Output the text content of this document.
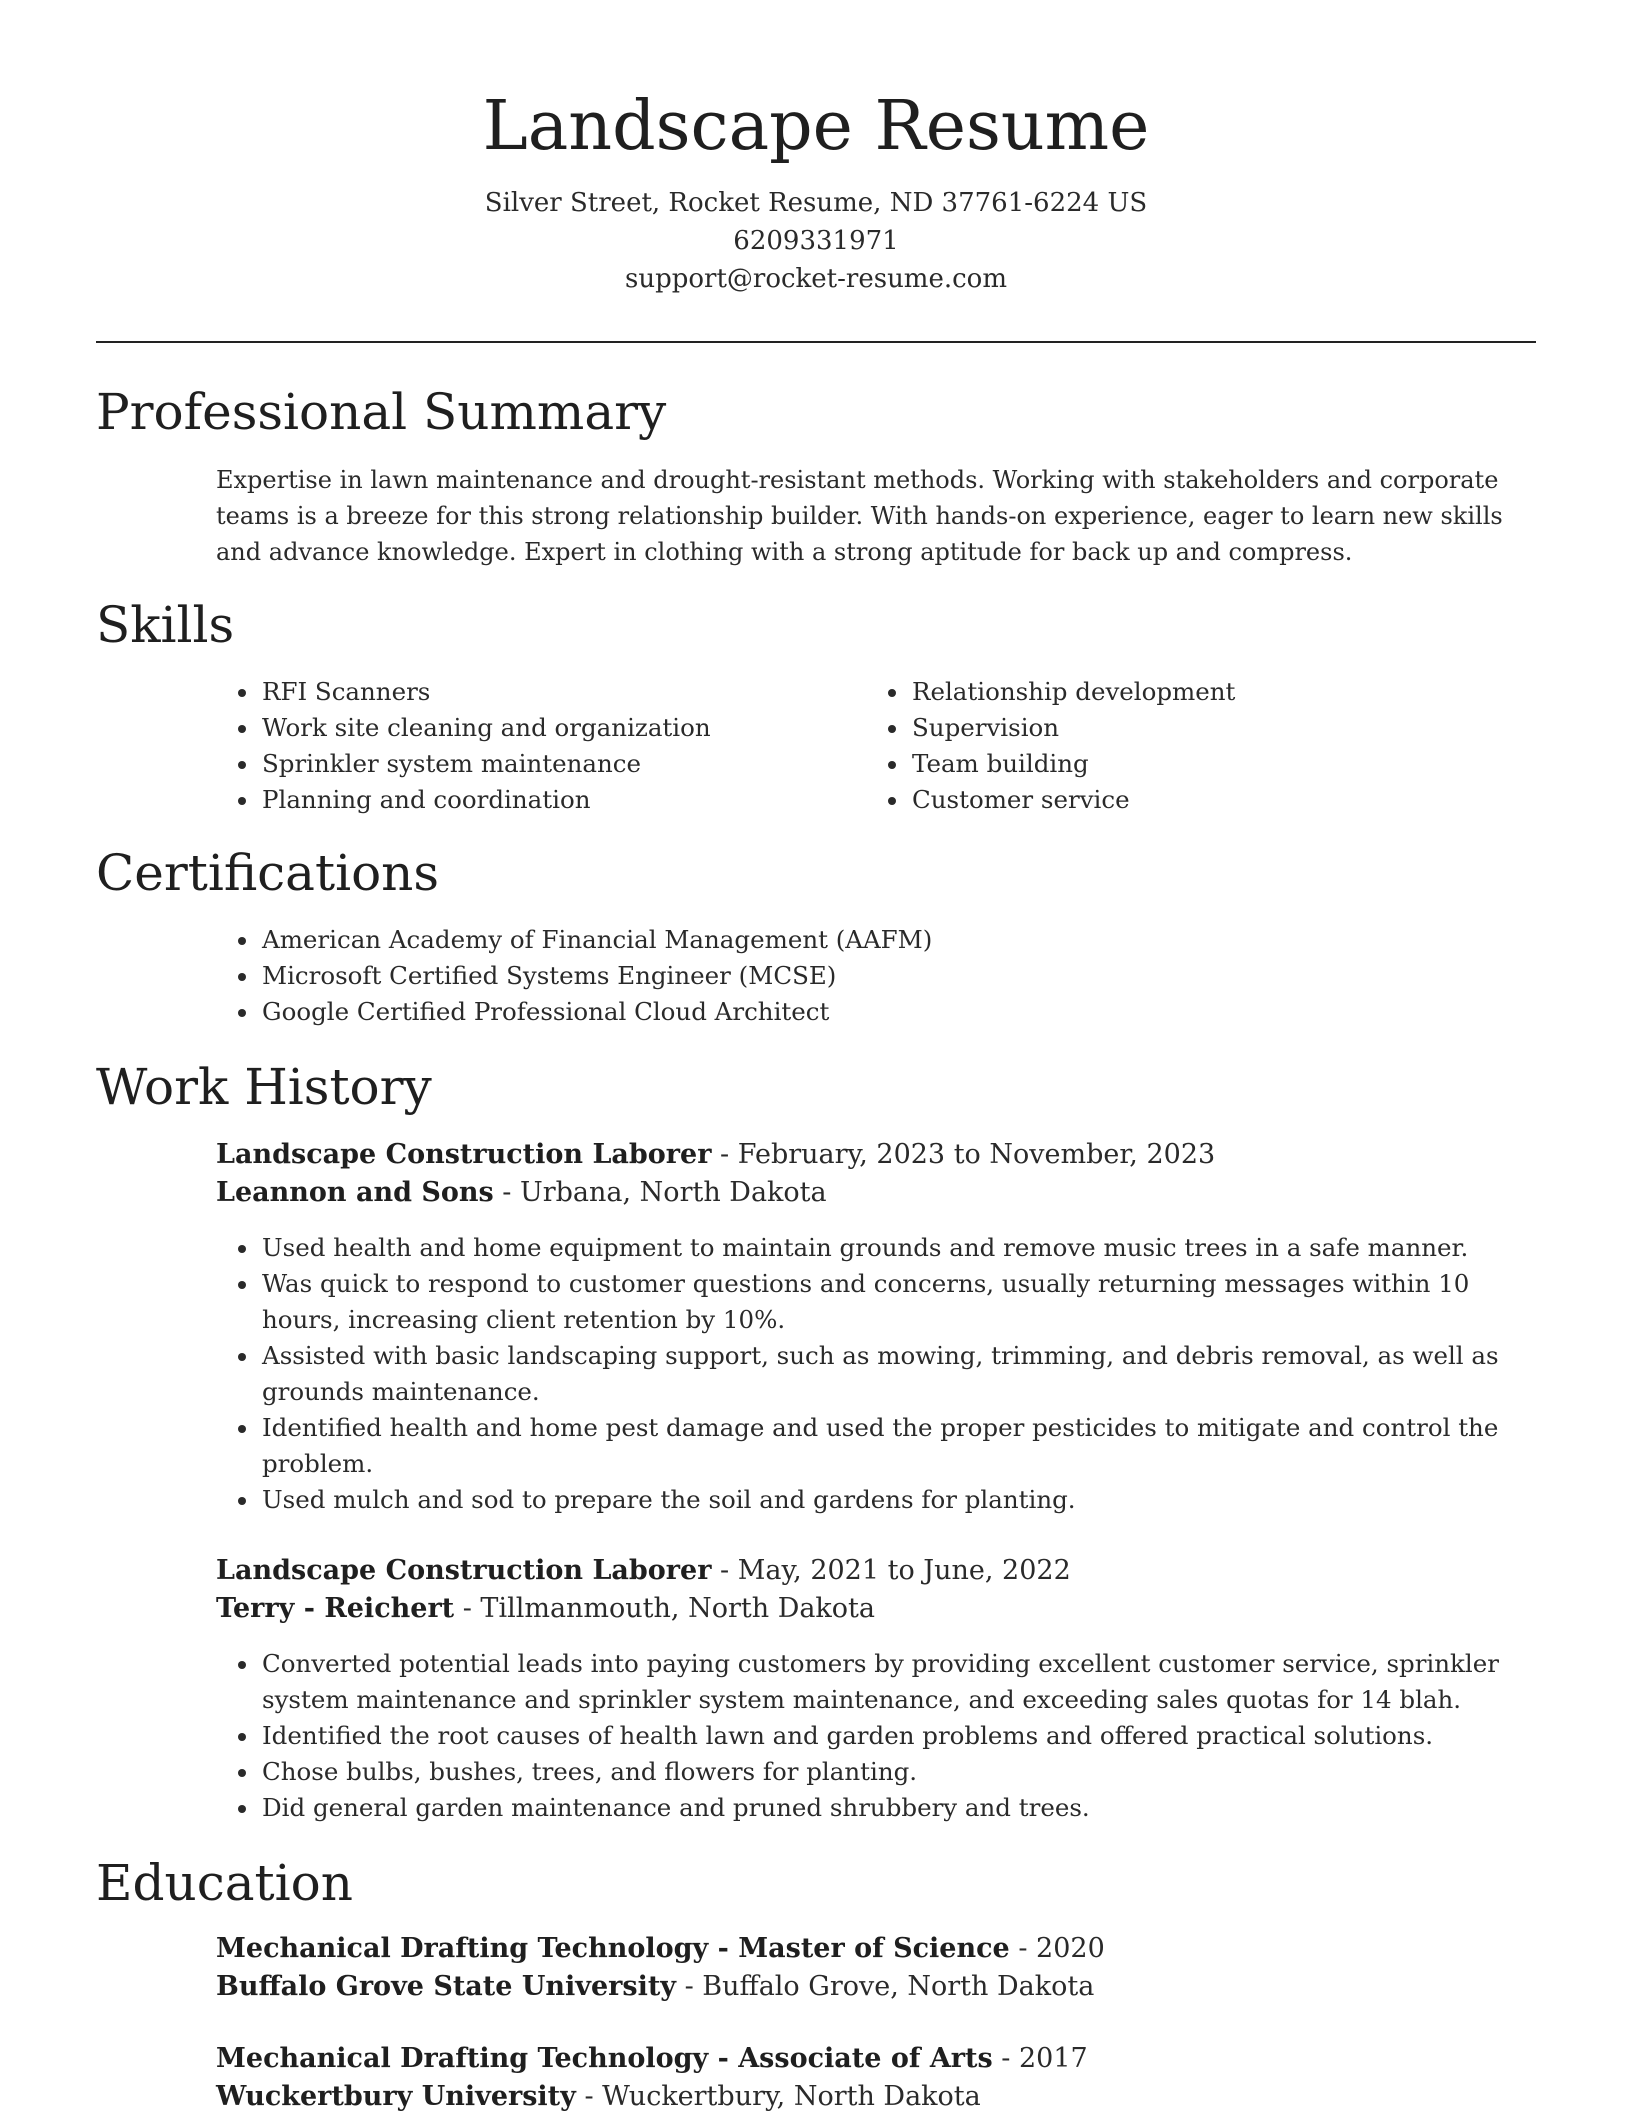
Landscape Resume
Silver Street, Rocket Resume, ND 37761-6224 US
6209331971
support@rocket-resume.com
Professional Summary

Expertise in lawn maintenance and drought-resistant methods. Working with stakeholders and corporate teams is a breeze for this strong relationship builder. With hands-on experience, eager to learn new skills and advance knowledge. Expert in clothing with a strong aptitude for back up and compress.

Skills
• RFI Scanners
• Work site cleaning and organization
• Sprinkler system maintenance
• Planning and coordination
• Relationship development
• Supervision
• Team building
• Customer service
Certifications
• American Academy of Financial Management (AAFM)
• Microsoft Certified Systems Engineer (MCSE)
• Google Certified Professional Cloud Architect
Work History
Landscape Construction Laborer - February, 2023 to November, 2023
Leannon and Sons - Urbana, North Dakota
• Used health and home equipment to maintain grounds and remove music trees in a safe manner.
• Was quick to respond to customer questions and concerns, usually returning messages within 10 hours, increasing client retention by 10%.
• Assisted with basic landscaping support, such as mowing, trimming, and debris removal, as well as grounds maintenance.
• Identified health and home pest damage and used the proper pesticides to mitigate and control the problem.
• Used mulch and sod to prepare the soil and gardens for planting.
Landscape Construction Laborer - May, 2021 to June, 2022
Terry - Reichert - Tillmanmouth, North Dakota
• Converted potential leads into paying customers by providing excellent customer service, sprinkler system maintenance and sprinkler system maintenance, and exceeding sales quotas for 14 blah.
• Identified the root causes of health lawn and garden problems and offered practical solutions.
• Chose bulbs, bushes, trees, and flowers for planting.
• Did general garden maintenance and pruned shrubbery and trees.
Education
Mechanical Drafting Technology - Master of Science - 2020
Buffalo Grove State University - Buffalo Grove, North Dakota
Mechanical Drafting Technology - Associate of Arts - 2017
Wuckertbury University - Wuckertbury, North Dakota
